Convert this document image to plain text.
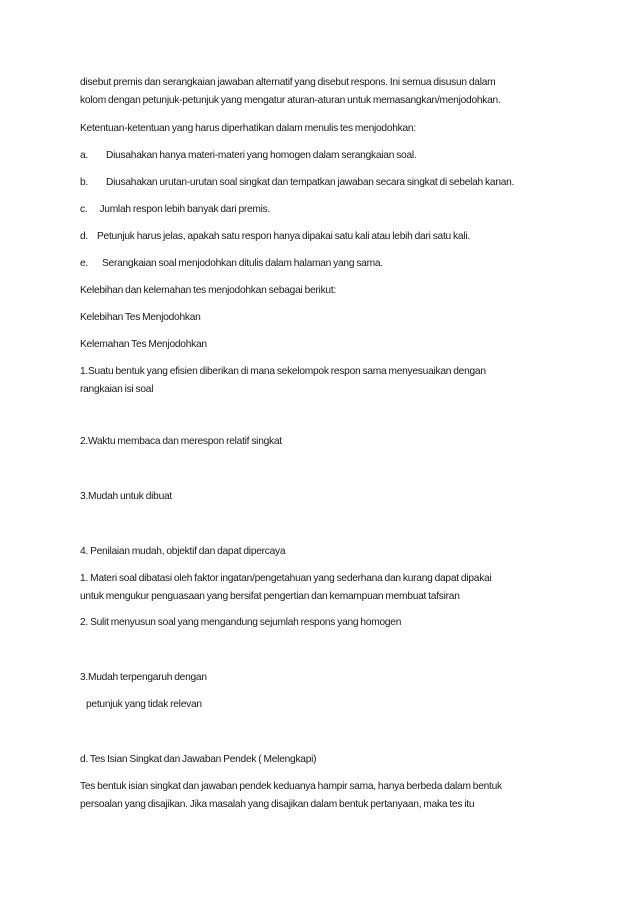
disebut premis dan serangkaian jawaban alternatif yang disebut respons. Ini semua disusun dalam
kolom dengan petunjuk-petunjuk yang mengatur aturan-aturan untuk memasangkan/menjodohkan.

Ketentuan-ketentuan yang harus diperhatikan dalam menulis tes menjodohkan:

a. Diusahakan hanya materi-materi yang homogen dalam serangkaian soal.

b. Diusahakan urutan-urutan soal singkat dan tempatkan jawaban secara singkat di sebelah kanan.

c. Jumlah respon lebih banyak dari premis.

d. Petunjuk harus jelas, apakah satu respon hanya dipakai satu kali atau lebih dari satu kali.

e. Serangkaian soal menjodohkan ditulis dalam halaman yang sama.

Kelebihan dan kelemahan tes menjodohkan sebagai berikut:

Kelebihan Tes Menjodohkan

Kelemahan Tes Menjodohkan

1.Suatu bentuk yang efisien diberikan di mana sekelompok respon sama menyesuaikan dengan
rangkaian isi soal

2.Waktu membaca dan merespon relatif singkat

3.Mudah untuk dibuat

4. Penilaian mudah, objektif dan dapat dipercaya

1. Materi soal dibatasi oleh faktor ingatan/pengetahuan yang sederhana dan kurang dapat dipakai
untuk mengukur penguasaan yang bersifat pengertian dan kemampuan membuat tafsiran

2. Sulit menyusun soal yang mengandung sejumlah respons yang homogen

3.Mudah terpengaruh dengan

petunjuk yang tidak relevan

d. Tes Isian Singkat dan Jawaban Pendek ( Melengkapi)

Tes bentuk isian singkat dan jawaban pendek keduanya hampir sama, hanya berbeda dalam bentuk
persoalan yang disajikan. Jika masalah yang disajikan dalam bentuk pertanyaan, maka tes itu
